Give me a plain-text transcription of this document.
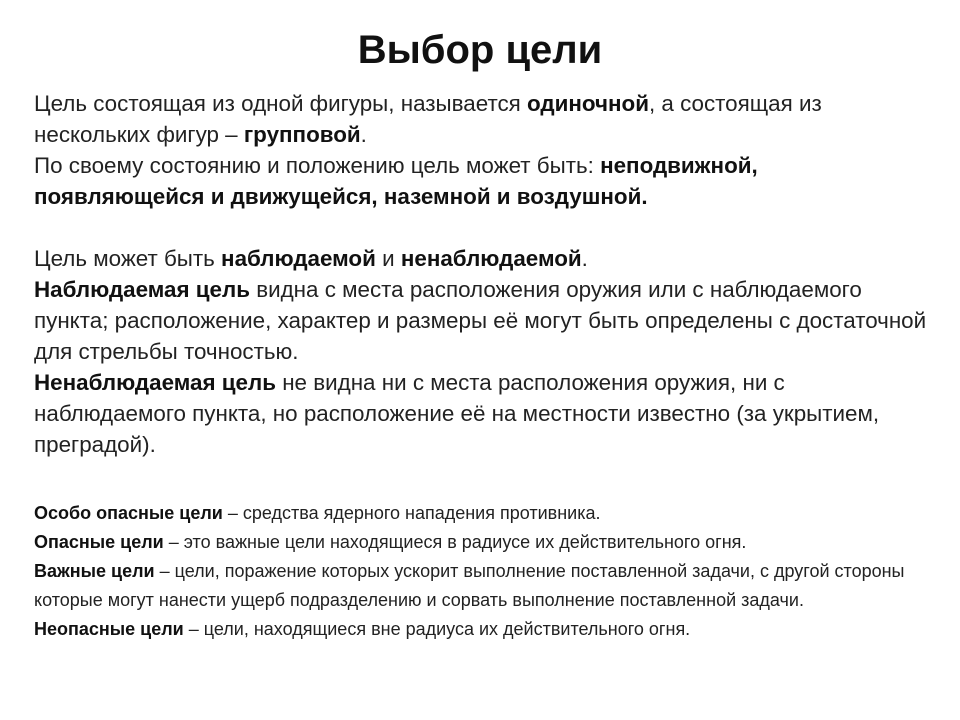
Выбор цели

Цель состоящая из одной фигуры, называется одиночной, а состоящая из нескольких фигур – групповой.

По своему состоянию и положению цель может быть: неподвижной, появляющейся и движущейся, наземной и воздушной.

Цель может быть наблюдаемой и ненаблюдаемой.

Наблюдаемая цель видна с места расположения оружия или с наблюдаемого пункта; расположение, характер и размеры её могут быть определены с достаточной для стрельбы точностью.

Ненаблюдаемая цель не видна ни с места расположения оружия, ни с наблюдаемого пункта, но расположение её на местности известно (за укрытием, преградой).

Особо опасные цели – средства ядерного нападения противника.

Опасные цели – это важные цели находящиеся в радиусе их действительного огня.

Важные цели – цели, поражение которых ускорит выполнение поставленной задачи, с другой стороны которые могут нанести ущерб подразделению и сорвать выполнение поставленной задачи.

Неопасные цели – цели, находящиеся вне радиуса их действительного огня.
